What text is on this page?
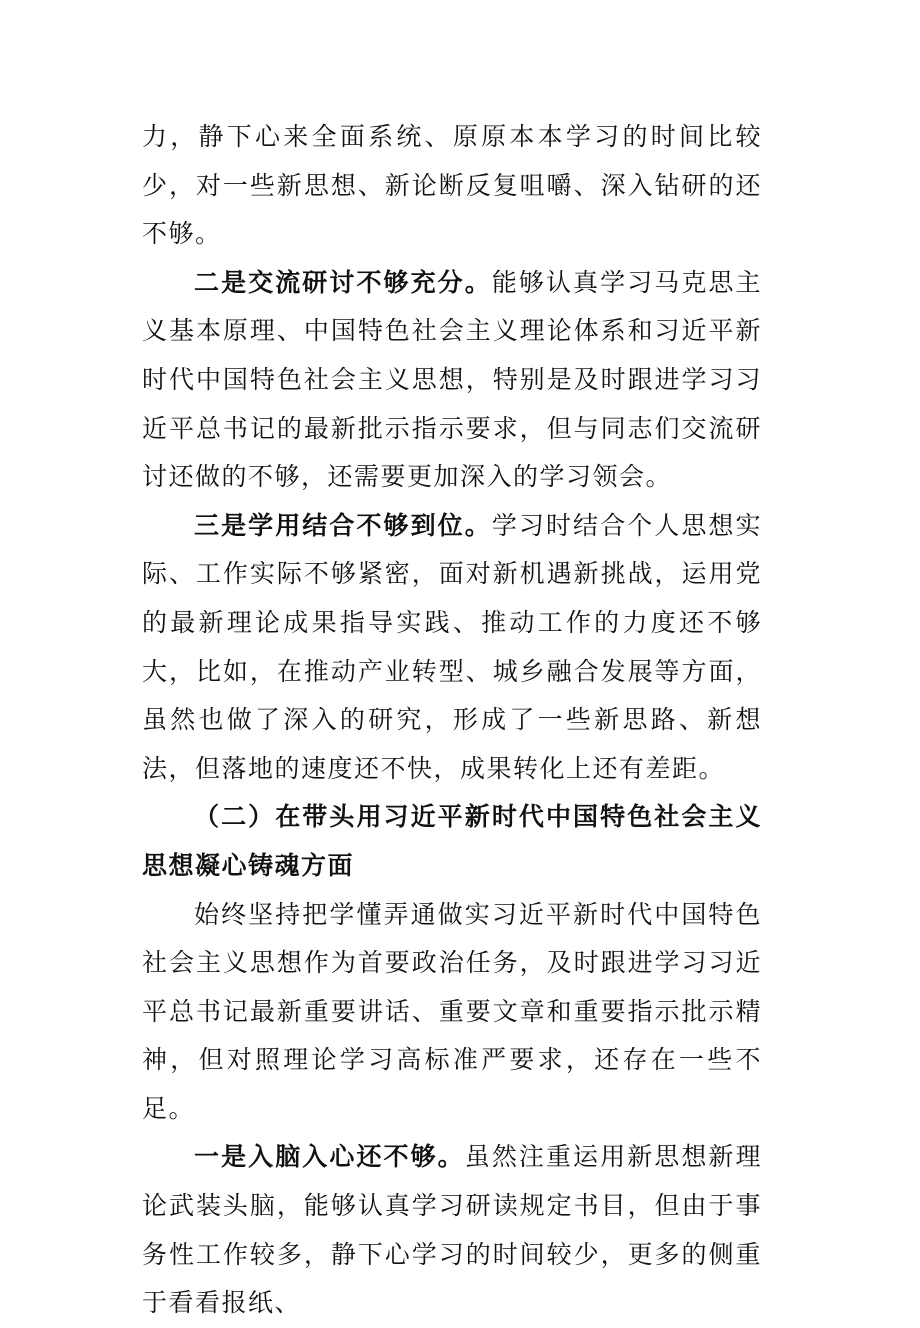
力，静下心来全面系统、原原本本学习的时间比较少，对一些新思想、新论断反复咀嚼、深入钻研的还不够。

二是交流研讨不够充分。能够认真学习马克思主义基本原理、中国特色社会主义理论体系和习近平新时代中国特色社会主义思想，特别是及时跟进学习习近平总书记的最新批示指示要求，但与同志们交流研讨还做的不够，还需要更加深入的学习领会。

三是学用结合不够到位。学习时结合个人思想实际、工作实际不够紧密，面对新机遇新挑战，运用党的最新理论成果指导实践、推动工作的力度还不够大，比如，在推动产业转型、城乡融合发展等方面，虽然也做了深入的研究，形成了一些新思路、新想法，但落地的速度还不快，成果转化上还有差距。

（二）在带头用习近平新时代中国特色社会主义思想凝心铸魂方面

始终坚持把学懂弄通做实习近平新时代中国特色社会主义思想作为首要政治任务，及时跟进学习习近平总书记最新重要讲话、重要文章和重要指示批示精神，但对照理论学习高标准严要求，还存在一些不足。

一是入脑入心还不够。虽然注重运用新思想新理论武装头脑，能够认真学习研读规定书目，但由于事务性工作较多，静下心学习的时间较少，更多的侧重于看看报纸、
